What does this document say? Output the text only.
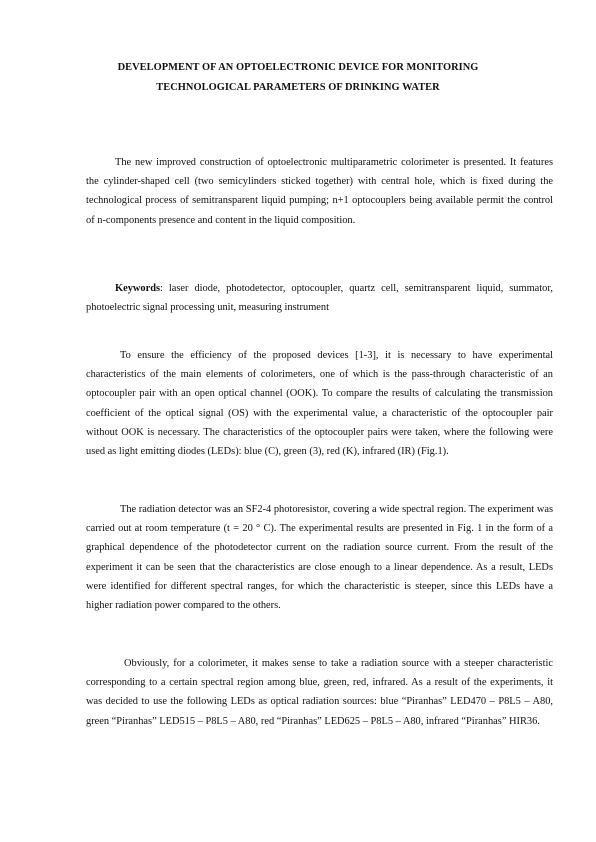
DEVELOPMENT OF AN OPTOELECTRONIC DEVICE FOR MONITORING
TECHNOLOGICAL PARAMETERS OF DRINKING WATER

The new improved construction of optoelectronic multiparametric colorimeter is presented. It features the cylinder-shaped cell (two semicylinders sticked together) with central hole, which is fixed during the technological process of semitransparent liquid pumping; n+1 optocouplers being available permit the control of n-components presence and content in the liquid composition.

Keywords: laser diode, photodetector, optocoupler, quartz cell, semitransparent liquid, summator, photoelectric signal processing unit, measuring instrument

To ensure the efficiency of the proposed devices [1-3], it is necessary to have experimental characteristics of the main elements of colorimeters, one of which is the pass-through characteristic of an optocoupler pair with an open optical channel (OOK). To compare the results of calculating the transmission coefficient of the optical signal (OS) with the experimental value, a characteristic of the optocoupler pair without OOK is necessary. The characteristics of the optocoupler pairs were taken, where the following were used as light emitting diodes (LEDs): blue (C), green (3), red (K), infrared (IR) (Fig.1).

The radiation detector was an SF2-4 photoresistor, covering a wide spectral region. The experiment was carried out at room temperature (t = 20 ° C). The experimental results are presented in Fig. 1 in the form of a graphical dependence of the photodetector current on the radiation source current. From the result of the experiment it can be seen that the characteristics are close enough to a linear dependence. As a result, LEDs were identified for different spectral ranges, for which the characteristic is steeper, since this LEDs have a higher radiation power compared to the others.

Obviously, for a colorimeter, it makes sense to take a radiation source with a steeper characteristic corresponding to a certain spectral region among blue, green, red, infrared. As a result of the experiments, it was decided to use the following LEDs as optical radiation sources: blue “Piranhas” LED470 – P8L5 – A80, green “Piranhas” LED515 – P8L5 – A80, red “Piranhas” LED625 – P8L5 – A80, infrared “Piranhas” HIR36.
